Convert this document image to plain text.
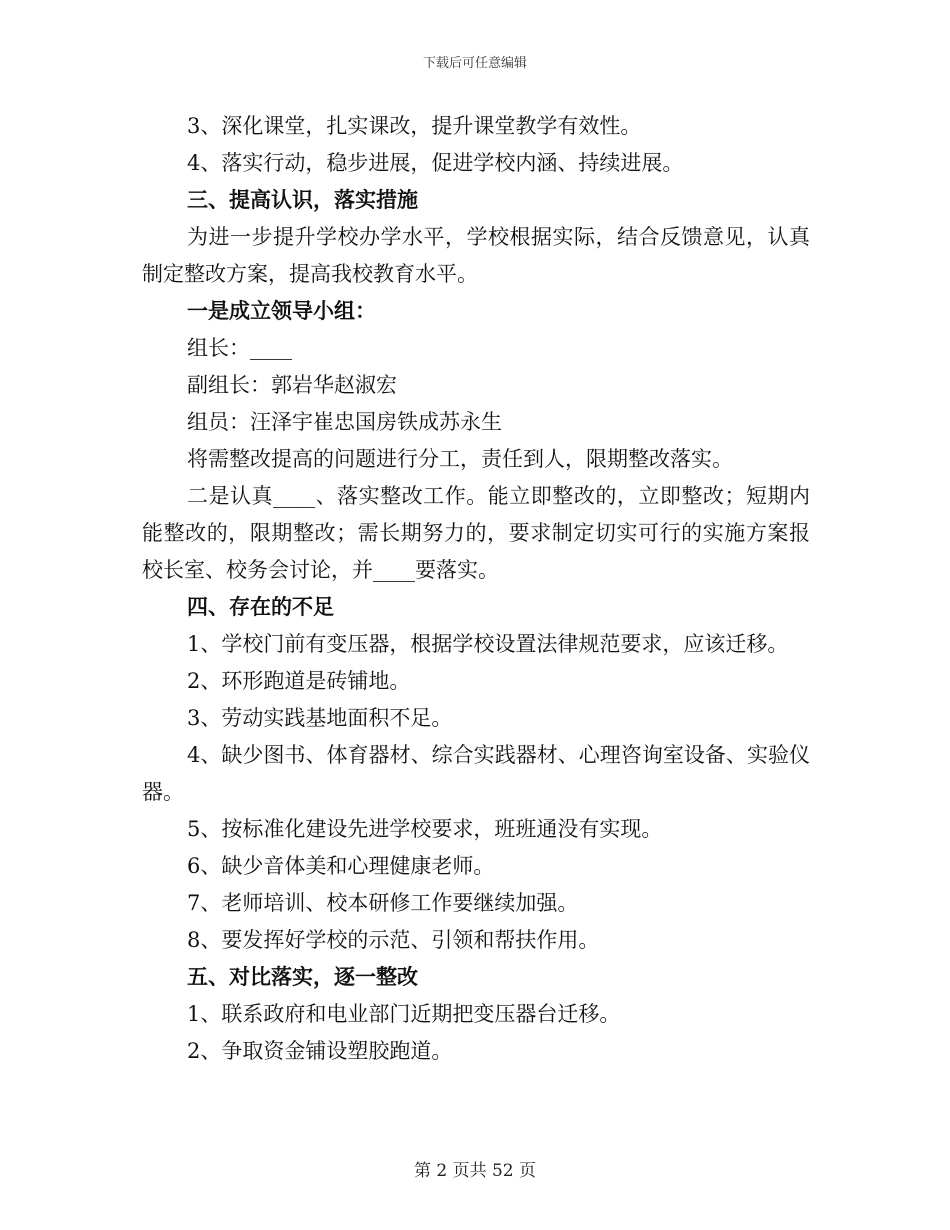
下载后可任意编辑

3、深化课堂，扎实课改，提升课堂教学有效性。

4、落实行动，稳步进展，促进学校内涵、持续进展。

三、提高认识，落实措施

为进一步提升学校办学水平，学校根据实际，结合反馈意见，认真制定整改方案，提高我校教育水平。

一是成立领导小组：

组长：____

副组长：郭岩华赵淑宏

组员：汪泽宇崔忠国房铁成苏永生

将需整改提高的问题进行分工，责任到人，限期整改落实。

二是认真____、落实整改工作。能立即整改的，立即整改；短期内能整改的，限期整改；需长期努力的，要求制定切实可行的实施方案报校长室、校务会讨论，并____要落实。

四、存在的不足

1、学校门前有变压器，根据学校设置法律规范要求，应该迁移。

2、环形跑道是砖铺地。

3、劳动实践基地面积不足。

4、缺少图书、体育器材、综合实践器材、心理咨询室设备、实验仪器。

5、按标准化建设先进学校要求，班班通没有实现。

6、缺少音体美和心理健康老师。

7、老师培训、校本研修工作要继续加强。

8、要发挥好学校的示范、引领和帮扶作用。

五、对比落实，逐一整改

1、联系政府和电业部门近期把变压器台迁移。

2、争取资金铺设塑胶跑道。

第 2 页共 52 页
